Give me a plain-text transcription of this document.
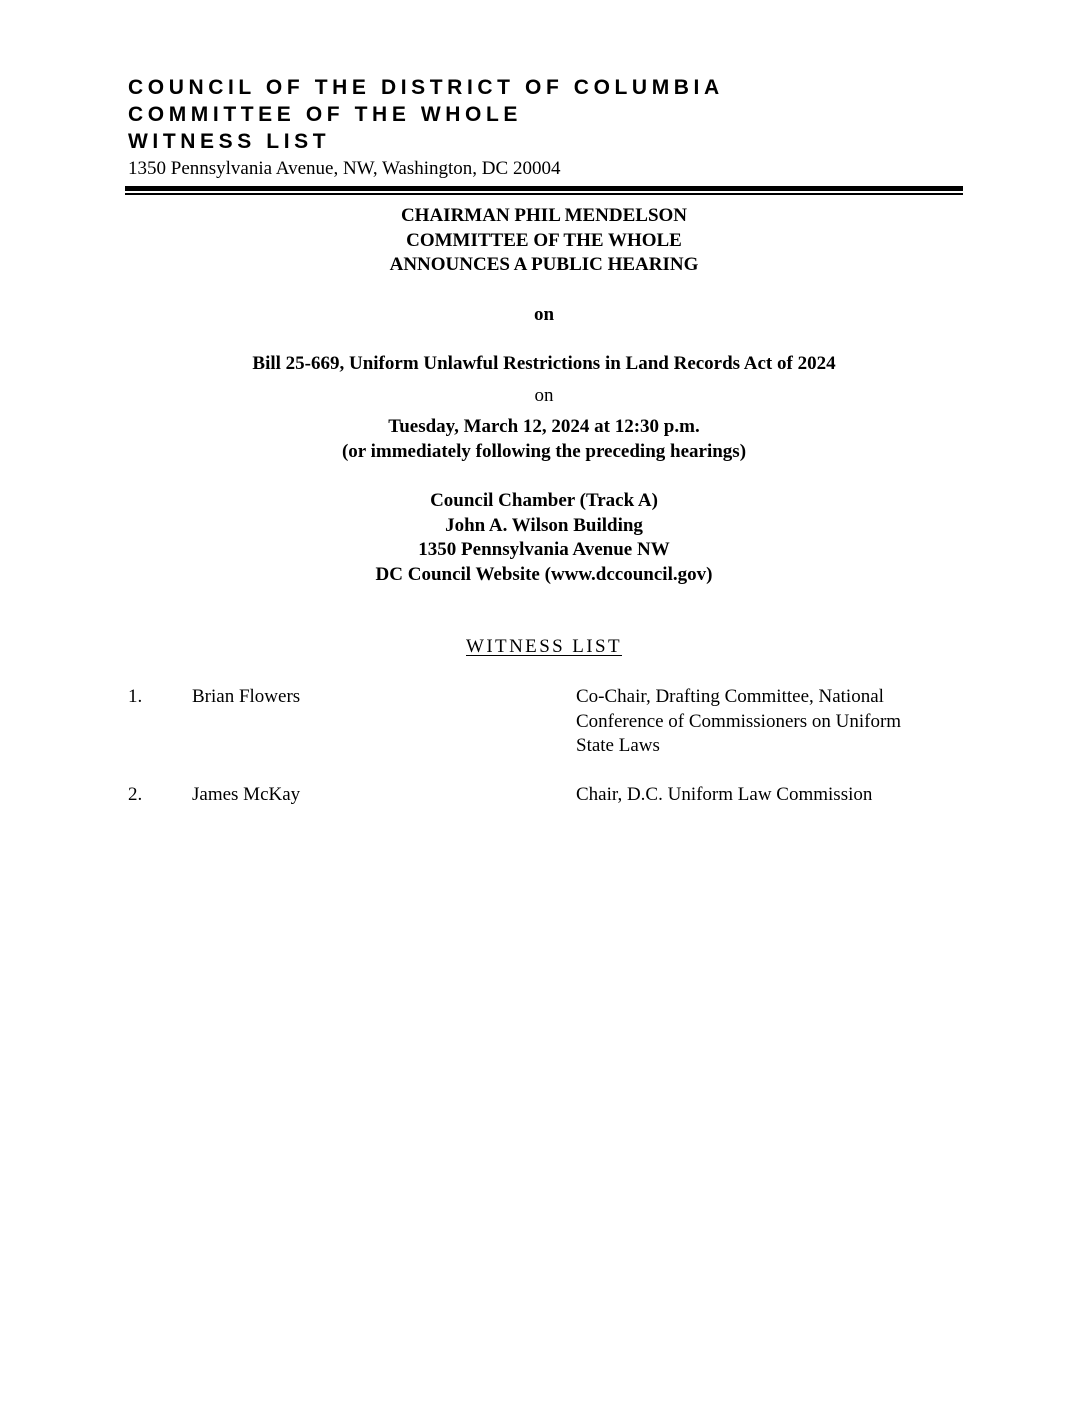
COUNCIL OF THE DISTRICT OF COLUMBIA
COMMITTEE OF THE WHOLE
WITNESS LIST
1350 Pennsylvania Avenue, NW, Washington, DC 20004
CHAIRMAN PHIL MENDELSON
COMMITTEE OF THE WHOLE
ANNOUNCES A PUBLIC HEARING
on
Bill 25-669, Uniform Unlawful Restrictions in Land Records Act of 2024
on
Tuesday, March 12, 2024 at 12:30 p.m.
(or immediately following the preceding hearings)
Council Chamber (Track A)
John A. Wilson Building
1350 Pennsylvania Avenue NW
DC Council Website (www.dccouncil.gov)
WITNESS LIST
1.	Brian Flowers	Co-Chair, Drafting Committee, National
Conference of Commissioners on Uniform
State Laws
2.	James McKay	Chair, D.C. Uniform Law Commission
